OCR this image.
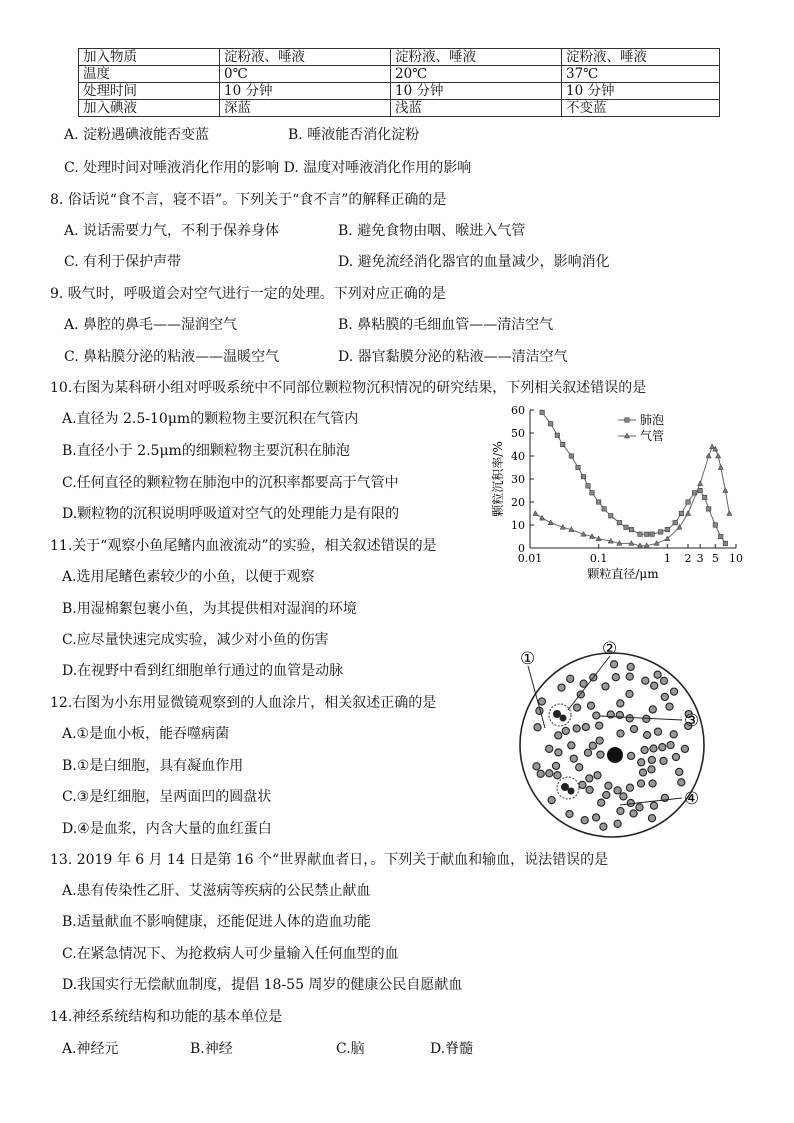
加入物质	淀粉液、唾液	淀粉液、唾液	淀粉液、唾液
温度	0℃	20℃	37℃
处理时间	10 分钟	10 分钟	10 分钟
加入碘液	深蓝	浅蓝	不变蓝
A. 淀粉遇碘液能否变蓝	B. 唾液能否消化淀粉
C. 处理时间对唾液消化作用的影响 D. 温度对唾液消化作用的影响
8. 俗话说“食不言，寝不语”。下列关于“食不言”的解释正确的是
A. 说话需要力气，不利于保养身体	B. 避免食物由咽、喉进入气管
C. 有利于保护声带	D. 避免流经消化器官的血量减少，影响消化
9. 吸气时，呼吸道会对空气进行一定的处理。下列对应正确的是
A. 鼻腔的鼻毛——湿润空气	B. 鼻粘膜的毛细血管——清洁空气
C. 鼻粘膜分泌的粘液——温暖空气	D. 器官黏膜分泌的粘液——清洁空气
10.右图为某科研小组对呼吸系统中不同部位颗粒物沉积情况的研究结果，下列相关叙述错误的是
A.直径为 2.5-10μm的颗粒物主要沉积在气管内
B.直径小于 2.5μm的细颗粒物主要沉积在肺泡
C.任何直径的颗粒物在肺泡中的沉积率都要高于气管中
D.颗粒物的沉积说明呼吸道对空气的处理能力是有限的
0
10
20
30
40
50
60
0.01	0.1	1 2 3 5 10
颗粒直径/μm
颗粒沉积率/%
肺泡
气管
11.关于“观察小鱼尾鳍内血液流动”的实验，相关叙述错误的是
A.选用尾鳍色素较少的小鱼，以便于观察
B.用湿棉絮包裹小鱼，为其提供相对湿润的环境
C.应尽量快速完成实验，减少对小鱼的伤害
D.在视野中看到红细胞单行通过的血管是动脉
12.右图为小东用显微镜观察到的人血涂片，相关叙述正确的是
A.①是血小板，能吞噬病菌
B.①是白细胞，具有凝血作用
C.③是红细胞，呈两面凹的圆盘状
D.④是血浆，内含大量的血红蛋白
①	②
③
④
13. 2019 年 6 月 14 日是第 16 个“世界献血者日，。下列关于献血和输血，说法错误的是
A.患有传染性乙肝、艾滋病等疾病的公民禁止献血
B.适量献血不影响健康，还能促进人体的造血功能
C.在紧急情况下、为抢救病人可少量输入任何血型的血
D.我国实行无偿献血制度，提倡 18-55 周岁的健康公民自愿献血
14.神经系统结构和功能的基本单位是
A.神经元	B.神经	C.脑	D.脊髓
